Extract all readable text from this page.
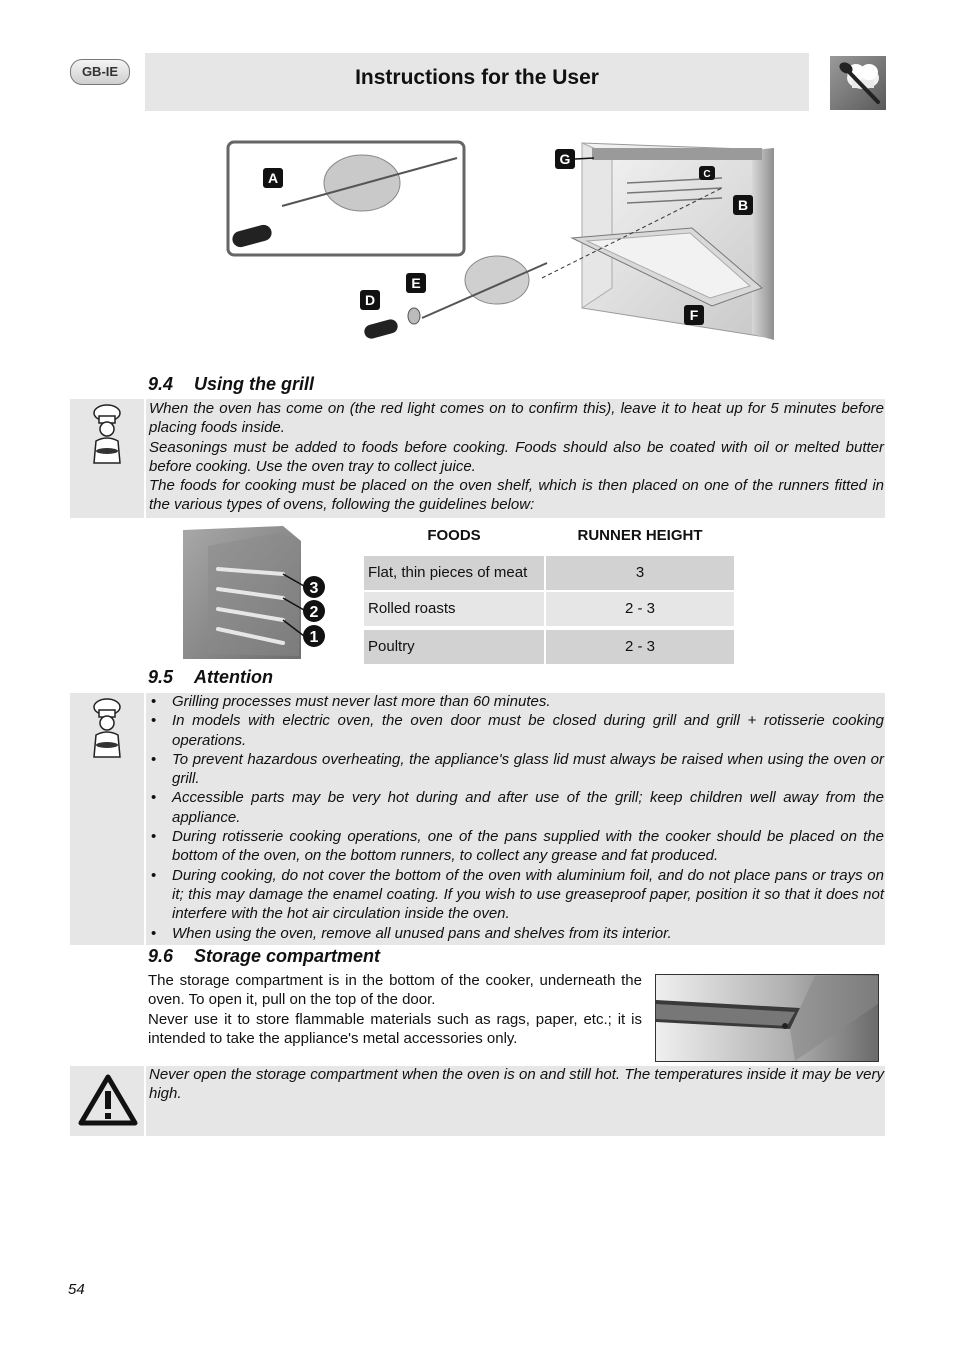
GB-IE	Instructions for the User
A
B
C
D
E
F
G
9.4 Using the grill

When the oven has come on (the red light comes on to confirm this), leave it to heat up for 5 minutes before placing foods inside.

Seasonings must be added to foods before cooking. Foods should also be coated with oil or melted butter before cooking. Use the oven tray to collect juice.

The foods for cooking must be placed on the oven shelf, which is then placed on one of the runners fitted in the various types of ovens, following the guidelines below:

3
2
1
FOODS	RUNNER HEIGHT
Flat, thin pieces of meat	3
Rolled roasts	2 - 3
Poultry	2 - 3
9.5 Attention
• Grilling processes must never last more than 60 minutes.
• In models with electric oven, the oven door must be closed during grill and grill + rotisserie cooking operations.
• To prevent hazardous overheating, the appliance's glass lid must always be raised when using the oven or grill.
• Accessible parts may be very hot during and after use of the grill; keep children well away from the appliance.
• During rotisserie cooking operations, one of the pans supplied with the cooker should be placed on the bottom of the oven, on the bottom runners, to collect any grease and fat produced.
• During cooking, do not cover the bottom of the oven with aluminium foil, and do not place pans or trays on it; this may damage the enamel coating. If you wish to use greaseproof paper, position it so that it does not interfere with the hot air circulation inside the oven.
• When using the oven, remove all unused pans and shelves from its interior.
9.6 Storage compartment

The storage compartment is in the bottom of the cooker, underneath the oven. To open it, pull on the top of the door.

Never use it to store flammable materials such as rags, paper, etc.; it is intended to take the appliance's metal accessories only.

Never open the storage compartment when the oven is on and still hot. The temperatures inside it may be very high.
54
